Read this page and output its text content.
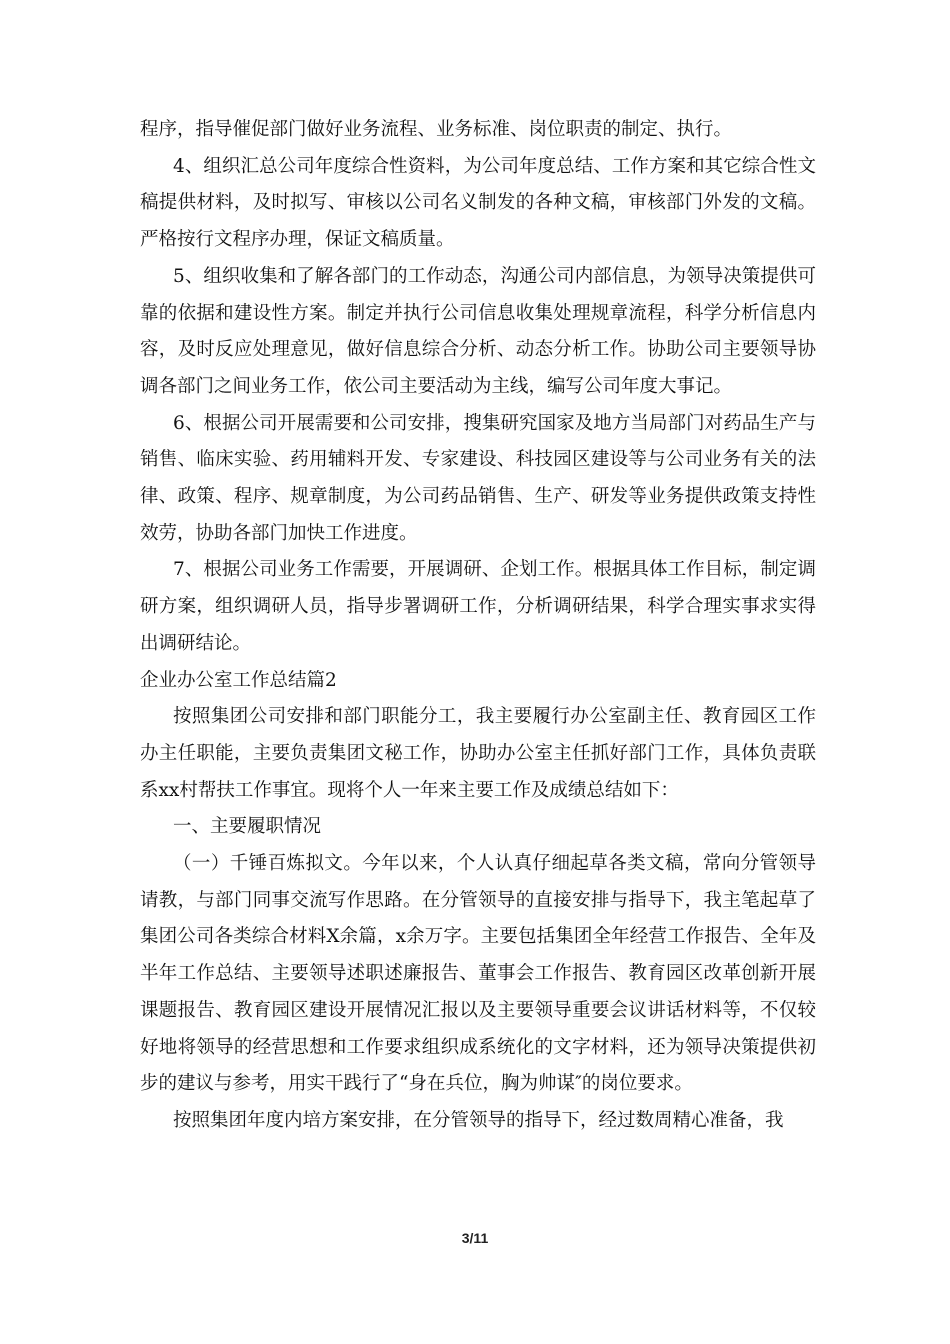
程序，指导催促部门做好业务流程、业务标准、岗位职责的制定、执行。

4、组织汇总公司年度综合性资料，为公司年度总结、工作方案和其它综合性文稿提供材料，及时拟写、审核以公司名义制发的各种文稿，审核部门外发的文稿。严格按行文程序办理，保证文稿质量。

5、组织收集和了解各部门的工作动态，沟通公司内部信息，为领导决策提供可靠的依据和建设性方案。制定并执行公司信息收集处理规章流程，科学分析信息内容，及时反应处理意见，做好信息综合分析、动态分析工作。协助公司主要领导协调各部门之间业务工作，依公司主要活动为主线，编写公司年度大事记。

6、根据公司开展需要和公司安排，搜集研究国家及地方当局部门对药品生产与销售、临床实验、药用辅料开发、专家建设、科技园区建设等与公司业务有关的法律、政策、程序、规章制度，为公司药品销售、生产、研发等业务提供政策支持性效劳，协助各部门加快工作进度。

7、根据公司业务工作需要，开展调研、企划工作。根据具体工作目标，制定调研方案，组织调研人员，指导步署调研工作，分析调研结果，科学合理实事求实得出调研结论。

企业办公室工作总结篇2

按照集团公司安排和部门职能分工，我主要履行办公室副主任、教育园区工作办主任职能，主要负责集团文秘工作，协助办公室主任抓好部门工作，具体负责联系xx村帮扶工作事宜。现将个人一年来主要工作及成绩总结如下：

一、主要履职情况

（一）千锤百炼拟文。今年以来，个人认真仔细起草各类文稿，常向分管领导请教，与部门同事交流写作思路。在分管领导的直接安排与指导下，我主笔起草了集团公司各类综合材料X余篇，x余万字。主要包括集团全年经营工作报告、全年及半年工作总结、主要领导述职述廉报告、董事会工作报告、教育园区改革创新开展课题报告、教育园区建设开展情况汇报以及主要领导重要会议讲话材料等，不仅较好地将领导的经营思想和工作要求组织成系统化的文字材料，还为领导决策提供初步的建议与参考，用实干践行了“身在兵位，胸为帅谋″的岗位要求。

按照集团年度内培方案安排，在分管领导的指导下，经过数周精心准备，我

3/11
